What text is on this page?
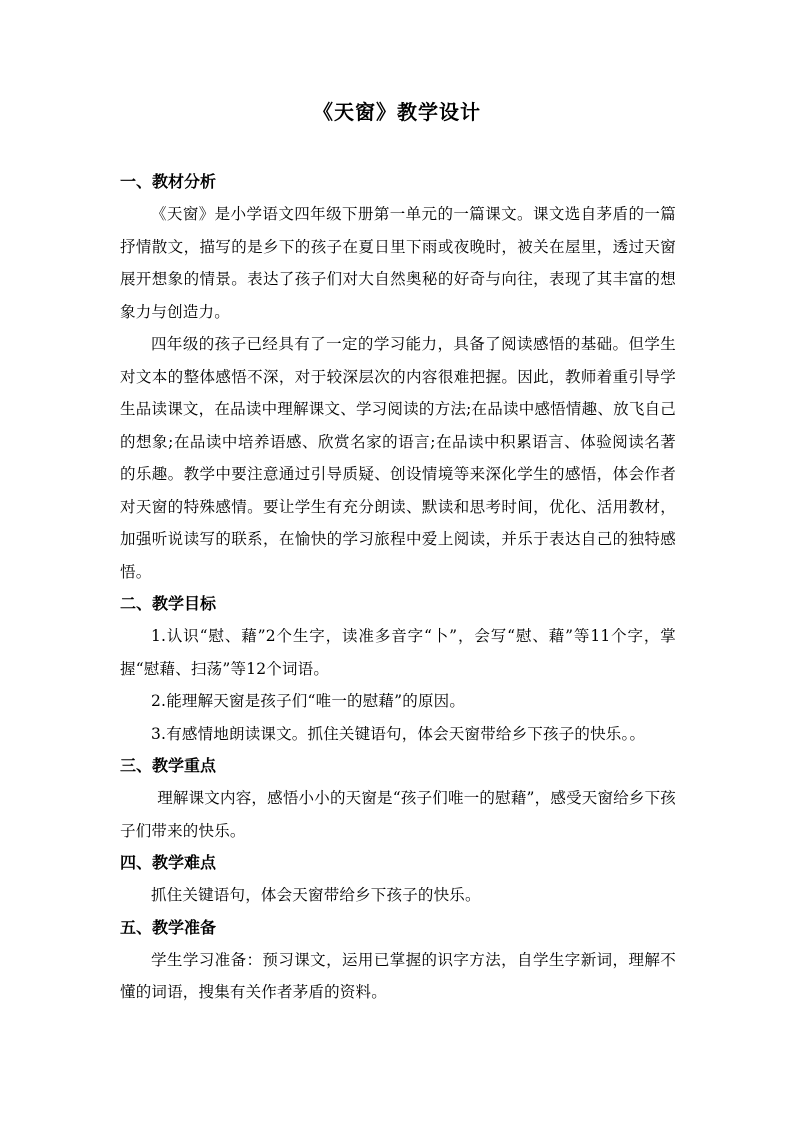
《天窗》教学设计

一、教材分析

《天窗》是小学语文四年级下册第一单元的一篇课文。课文选自茅盾的一篇抒情散文，描写的是乡下的孩子在夏日里下雨或夜晚时，被关在屋里，透过天窗展开想象的情景。表达了孩子们对大自然奥秘的好奇与向往，表现了其丰富的想象力与创造力。

四年级的孩子已经具有了一定的学习能力，具备了阅读感悟的基础。但学生对文本的整体感悟不深，对于较深层次的内容很难把握。因此，教师着重引导学生品读课文，在品读中理解课文、学习阅读的方法;在品读中感悟情趣、放飞自己的想象;在品读中培养语感、欣赏名家的语言;在品读中积累语言、体验阅读名著的乐趣。教学中要注意通过引导质疑、创设情境等来深化学生的感悟，体会作者对天窗的特殊感情。要让学生有充分朗读、默读和思考时间，优化、活用教材，加强听说读写的联系，在愉快的学习旅程中爱上阅读，并乐于表达自己的独特感悟。

二、教学目标

1.认识“慰、藉”2个生字，读准多音字“卜”，会写“慰、藉”等11个字，掌握“慰藉、扫荡”等12个词语。

2.能理解天窗是孩子们“唯一的慰藉”的原因。

3.有感情地朗读课文。抓住关键语句，体会天窗带给乡下孩子的快乐。。

三、教学重点

理解课文内容，感悟小小的天窗是“孩子们唯一的慰藉”，感受天窗给乡下孩子们带来的快乐。

四、教学难点

抓住关键语句，体会天窗带给乡下孩子的快乐。

五、教学准备

学生学习准备：预习课文，运用已掌握的识字方法，自学生字新词，理解不懂的词语，搜集有关作者茅盾的资料。
